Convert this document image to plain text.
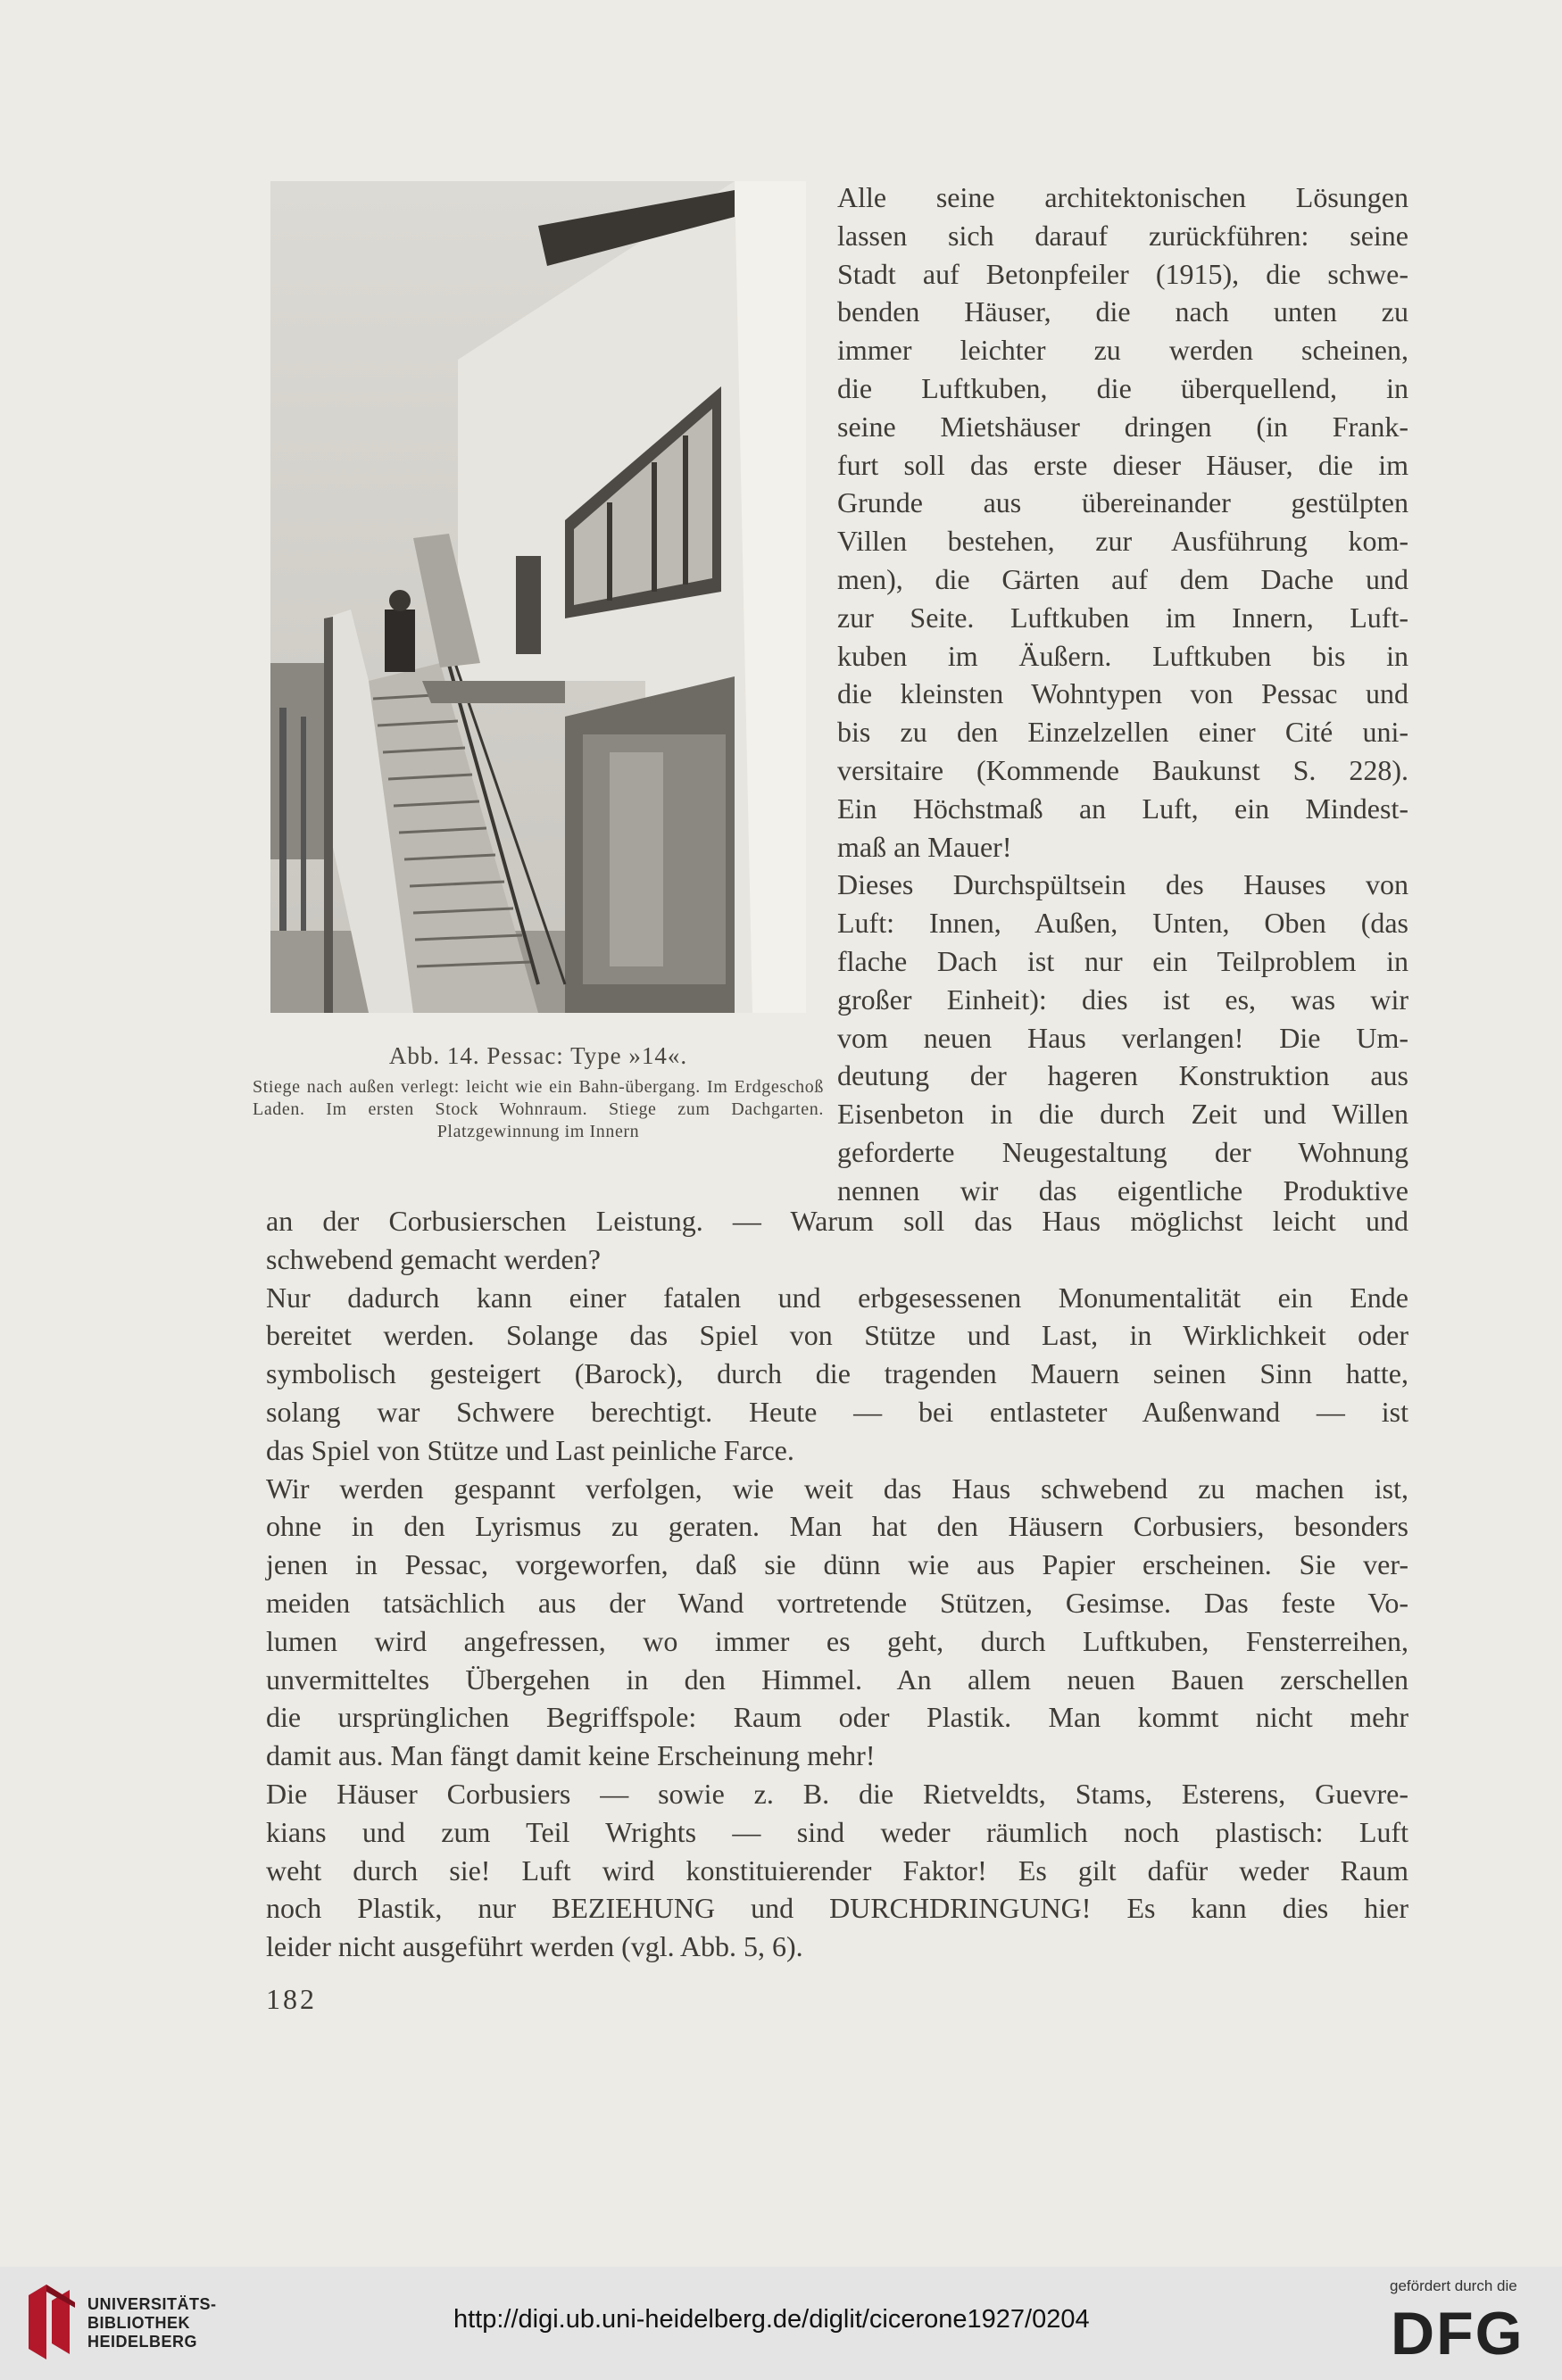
Abb. 14. Pessac: Type »14«.
Stiege nach außen verlegt: leicht wie ein Bahn-übergang. Im Erdgeschoß Laden. Im ersten Stock Wohnraum. Stiege zum Dachgarten. Platzgewinnung im Innern
Alle seine architektonischen Lösungen
lassen sich darauf zurückführen: seine
Stadt auf Betonpfeiler (1915), die schwe-
benden Häuser, die nach unten zu
immer leichter zu werden scheinen,
die Luftkuben, die überquellend, in
seine Mietshäuser dringen (in Frank-
furt soll das erste dieser Häuser, die im
Grunde aus übereinander gestülpten
Villen bestehen, zur Ausführung kom-
men), die Gärten auf dem Dache und
zur Seite. Luftkuben im Innern, Luft-
kuben im Äußern. Luftkuben bis in
die kleinsten Wohntypen von Pessac und
bis zu den Einzelzellen einer Cité uni-
versitaire (Kommende Baukunst S. 228).
Ein Höchstmaß an Luft, ein Mindest-
maß an Mauer!
Dieses Durchspültsein des Hauses von
Luft: Innen, Außen, Unten, Oben (das
flache Dach ist nur ein Teilproblem in
großer Einheit): dies ist es, was wir
vom neuen Haus verlangen! Die Um-
deutung der hageren Konstruktion aus
Eisenbeton in die durch Zeit und Willen
geforderte Neugestaltung der Wohnung
nennen wir das eigentliche Produktive
an der Corbusierschen Leistung. — Warum soll das Haus möglichst leicht und
schwebend gemacht werden?
Nur dadurch kann einer fatalen und erbgesessenen Monumentalität ein Ende
bereitet werden. Solange das Spiel von Stütze und Last, in Wirklichkeit oder
symbolisch gesteigert (Barock), durch die tragenden Mauern seinen Sinn hatte,
solang war Schwere berechtigt. Heute — bei entlasteter Außenwand — ist
das Spiel von Stütze und Last peinliche Farce.
Wir werden gespannt verfolgen, wie weit das Haus schwebend zu machen ist,
ohne in den Lyrismus zu geraten. Man hat den Häusern Corbusiers, besonders
jenen in Pessac, vorgeworfen, daß sie dünn wie aus Papier erscheinen. Sie ver-
meiden tatsächlich aus der Wand vortretende Stützen, Gesimse. Das feste Vo-
lumen wird angefressen, wo immer es geht, durch Luftkuben, Fensterreihen,
unvermitteltes Übergehen in den Himmel. An allem neuen Bauen zerschellen
die ursprünglichen Begriffspole: Raum oder Plastik. Man kommt nicht mehr
damit aus. Man fängt damit keine Erscheinung mehr!
Die Häuser Corbusiers — sowie z. B. die Rietveldts, Stams, Esterens, Guevre-
kians und zum Teil Wrights — sind weder räumlich noch plastisch: Luft
weht durch sie! Luft wird konstituierender Faktor! Es gilt dafür weder Raum
noch Plastik, nur BEZIEHUNG und DURCHDRINGUNG! Es kann dies hier
leider nicht ausgeführt werden (vgl. Abb. 5, 6).
182
UNIVERSITÄTS-
BIBLIOTHEK
HEIDELBERG
http://digi.ub.uni-heidelberg.de/diglit/cicerone1927/0204
gefördert durch die
DFG
